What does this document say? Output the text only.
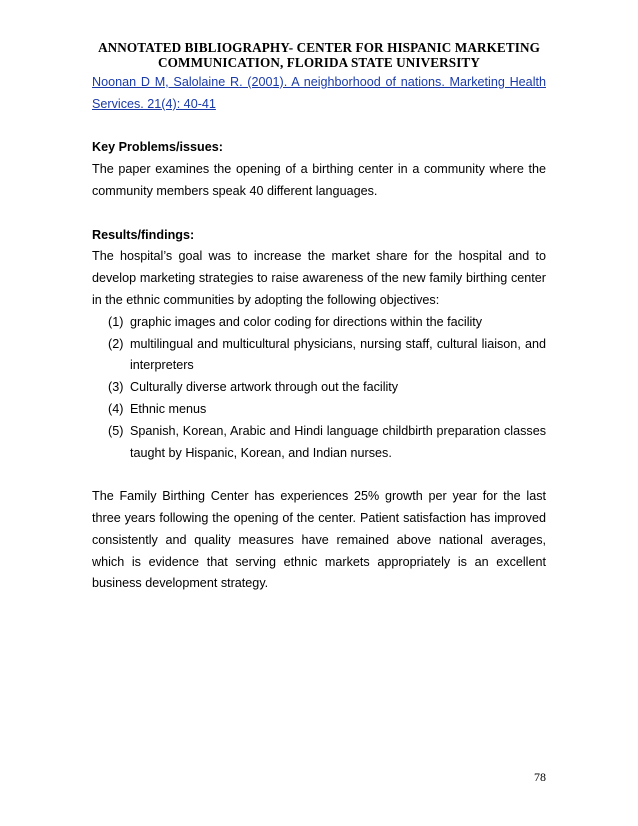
ANNOTATED BIBLIOGRAPHY- CENTER FOR HISPANIC MARKETING
COMMUNICATION, FLORIDA STATE UNIVERSITY

Noonan D M, Salolaine R. (2001). A neighborhood of nations. Marketing Health Services. 21(4): 40-41

Key Problems/issues:

The paper examines the opening of a birthing center in a community where the community members speak 40 different languages.

Results/findings:

The hospital’s goal was to increase the market share for the hospital and to develop marketing strategies to raise awareness of the new family birthing center in the ethnic communities by adopting the following objectives:

(1) graphic images and color coding for directions within the facility
(2) multilingual and multicultural physicians, nursing staff, cultural liaison, and interpreters
(3) Culturally diverse artwork through out the facility
(4) Ethnic menus
(5) Spanish, Korean, Arabic and Hindi language childbirth preparation classes taught by Hispanic, Korean, and Indian nurses.

The Family Birthing Center has experiences 25% growth per year for the last three years following the opening of the center. Patient satisfaction has improved consistently and quality measures have remained above national averages, which is evidence that serving ethnic markets appropriately is an excellent business development strategy.

78
